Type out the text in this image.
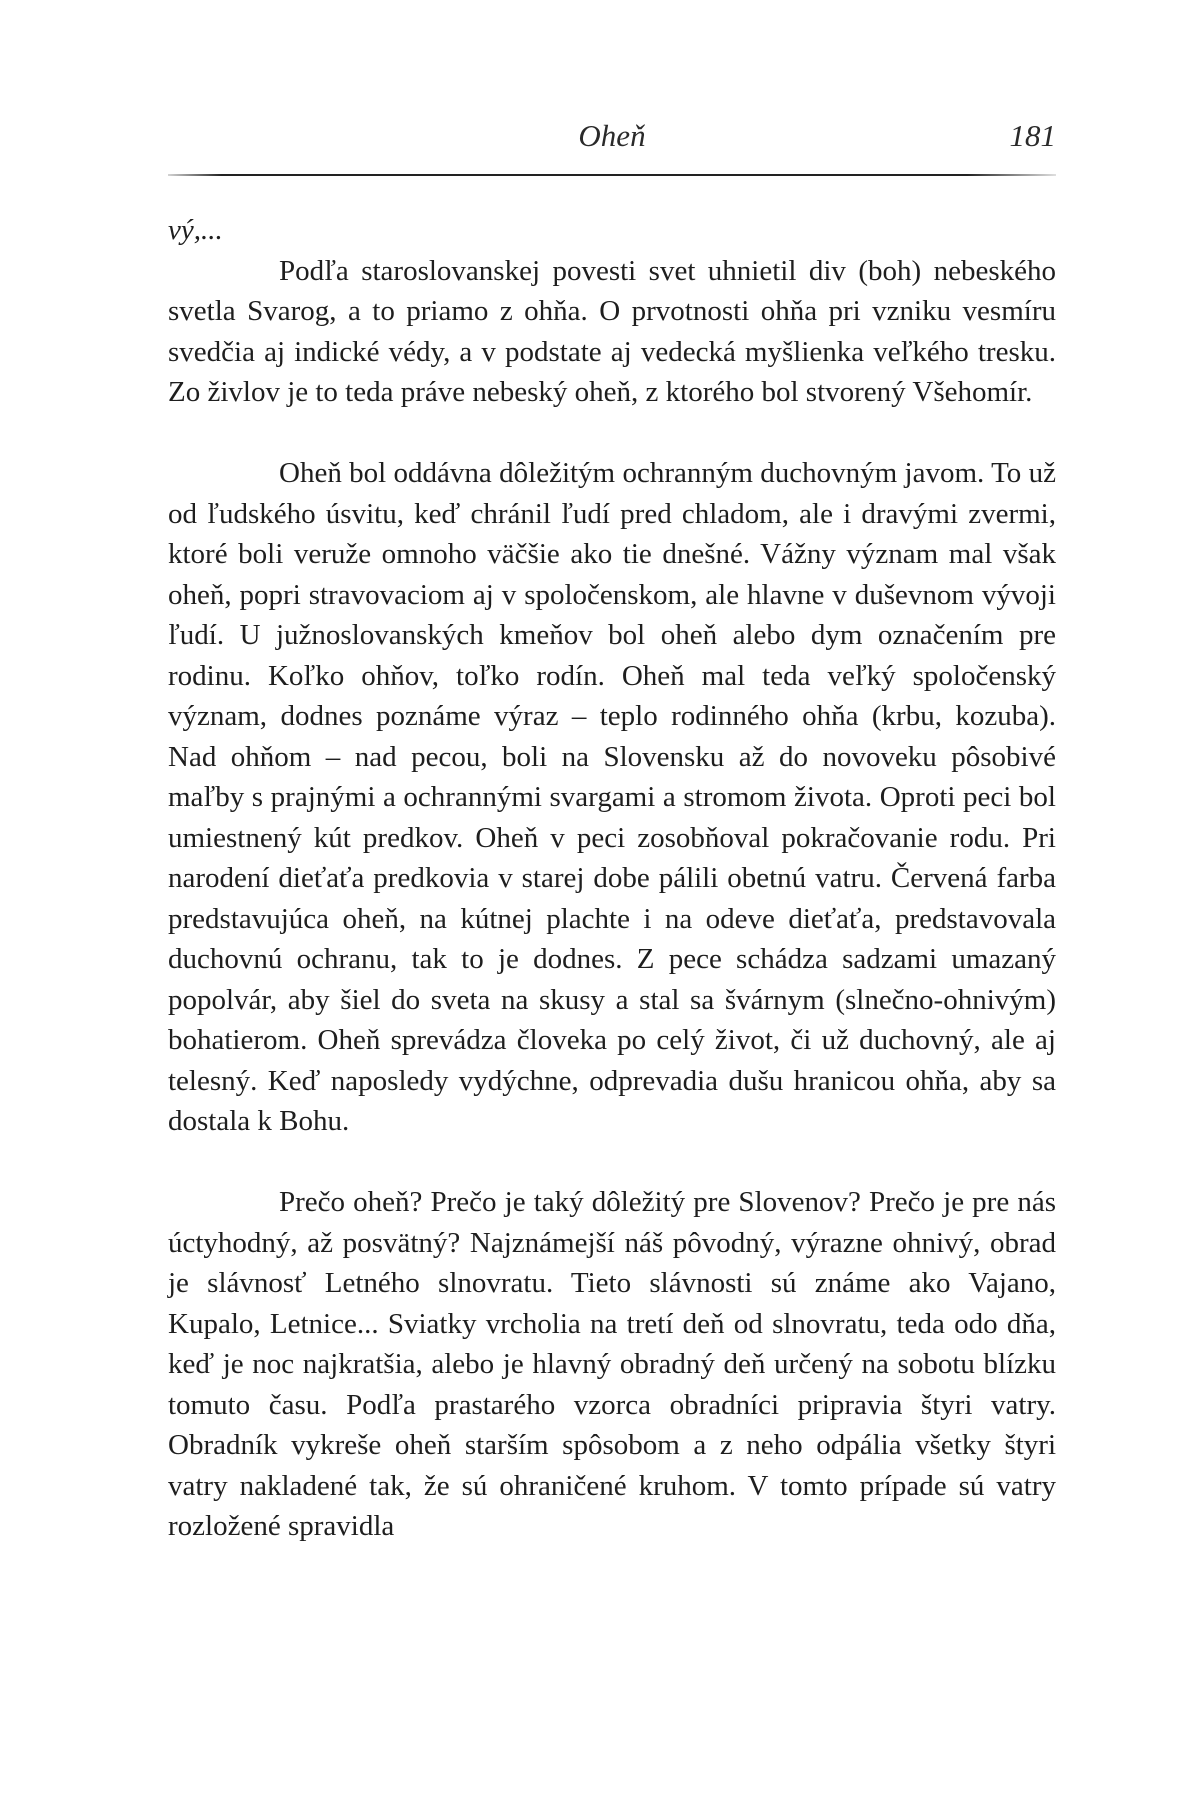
Oheň	181

vý,...

Podľa staroslovanskej povesti svet uhnietil div (boh) nebeského svetla Svarog, a to priamo z ohňa. O prvotnosti ohňa pri vzniku vesmíru svedčia aj indické védy, a v podstate aj vedecká myšlienka veľkého tresku. Zo živlov je to teda práve nebeský oheň, z ktorého bol stvorený Všehomír.

Oheň bol oddávna dôležitým ochranným duchovným javom. To už od ľudského úsvitu, keď chránil ľudí pred chladom, ale i dravými zvermi, ktoré boli veruže omnoho väčšie ako tie dnešné. Vážny význam mal však oheň, popri stravovaciom aj v spoločenskom, ale hlavne v duševnom vývoji ľudí. U južnoslovanských kmeňov bol oheň alebo dym označením pre rodinu. Koľko ohňov, toľko rodín. Oheň mal teda veľký spoločenský význam, dodnes poznáme výraz – teplo rodinného ohňa (krbu, kozuba). Nad ohňom – nad pecou, boli na Slovensku až do novoveku pôsobivé maľby s prajnými a ochrannými svargami a stromom života. Oproti peci bol umiestnený kút predkov. Oheň v peci zosobňoval pokračovanie rodu. Pri narodení dieťaťa predkovia v starej dobe pálili obetnú vatru. Červená farba predstavujúca oheň, na kútnej plachte i na odeve dieťaťa, predstavovala duchovnú ochranu, tak to je dodnes. Z pece schádza sadzami umazaný popolvár, aby šiel do sveta na skusy a stal sa švárnym (slnečno-ohnivým) bohatierom. Oheň sprevádza človeka po celý život, či už duchovný, ale aj telesný. Keď naposledy vydýchne, odprevadia dušu hranicou ohňa, aby sa dostala k Bohu.

Prečo oheň? Prečo je taký dôležitý pre Slovenov? Prečo je pre nás úctyhodný, až posvätný? Najznámejší náš pôvodný, výrazne ohnivý, obrad je slávnosť Letného slnovratu. Tieto slávnosti sú známe ako Vajano, Kupalo, Letnice... Sviatky vrcholia na tretí deň od slnovratu, teda odo dňa, keď je noc najkratšia, alebo je hlavný obradný deň určený na sobotu blízku tomuto času. Podľa prastarého vzorca obradníci pripravia štyri vatry. Obradník vykreše oheň starším spôsobom a z neho odpália všetky štyri vatry nakladené tak, že sú ohraničené kruhom. V tomto prípade sú vatry rozložené spravidla
